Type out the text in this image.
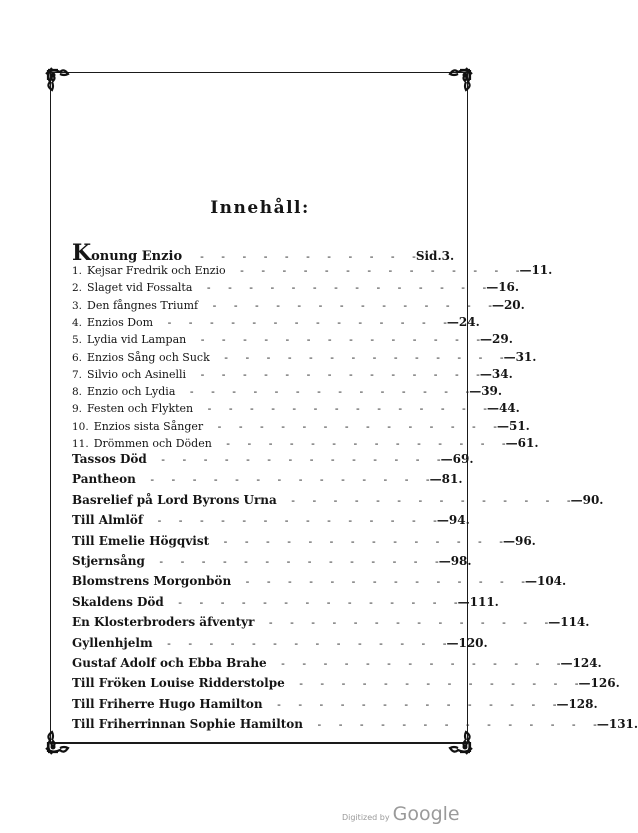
Innehåll:
Konung Enzio -     -     -     -     -     -     -     -     -     -     - Sid. 3.
1. Kejsar Fredrik och Enzio -     -     -     -     -     -     -     -     -     -     -     -     -     - — 11.
2. Slaget vid Fossalta -     -     -     -     -     -     -     -     -     -     -     -     -     - — 16.
3. Den fångnes Triumf -     -     -     -     -     -     -     -     -     -     -     -     -     - — 20.
4. Enzios Dom -     -     -     -     -     -     -     -     -     -     -     -     -     - — 24.
5. Lydia vid Lampan -     -     -     -     -     -     -     -     -     -     -     -     -     - — 29.
6. Enzios Sång och Suck -     -     -     -     -     -     -     -     -     -     -     -     -     - — 31.
7. Silvio och Asinelli -     -     -     -     -     -     -     -     -     -     -     -     -     - — 34.
8. Enzio och Lydia -     -     -     -     -     -     -     -     -     -     -     -     -     - — 39.
9. Festen och Flykten -     -     -     -     -     -     -     -     -     -     -     -     -     - — 44.
10. Enzios sista Sånger -     -     -     -     -     -     -     -     -     -     -     -     -     - — 51.
11. Drömmen och Döden -     -     -     -     -     -     -     -     -     -     -     -     -     - — 61.
Tassos Död -     -     -     -     -     -     -     -     -     -     -     -     -     - — 69.
Pantheon -     -     -     -     -     -     -     -     -     -     -     -     -     - — 81.
Basrelief på Lord Byrons Urna -     -     -     -     -     -     -     -     -     -     -     -     -     - — 90.
Till Almlöf -     -     -     -     -     -     -     -     -     -     -     -     -     - — 94.
Till Emelie Högqvist -     -     -     -     -     -     -     -     -     -     -     -     -     - — 96.
Stjernsång -     -     -     -     -     -     -     -     -     -     -     -     -     - — 98.
Blomstrens Morgonbön -     -     -     -     -     -     -     -     -     -     -     -     -     - — 104.
Skaldens Död -     -     -     -     -     -     -     -     -     -     -     -     -     - — 111.
En Klosterbroders äfventyr -     -     -     -     -     -     -     -     -     -     -     -     -     - — 114.
Gyllenhjelm -     -     -     -     -     -     -     -     -     -     -     -     -     - — 120.
Gustaf Adolf och Ebba Brahe -     -     -     -     -     -     -     -     -     -     -     -     -     - — 124.
Till Fröken Louise Ridderstolpe -     -     -     -     -     -     -     -     -     -     -     -     -     - — 126.
Till Friherre Hugo Hamilton -     -     -     -     -     -     -     -     -     -     -     -     -     - — 128.
Till Friherrinnan Sophie Hamilton -     -     -     -     -     -     -     -     -     -     -     -     -     - — 131.
Digitized by Google
